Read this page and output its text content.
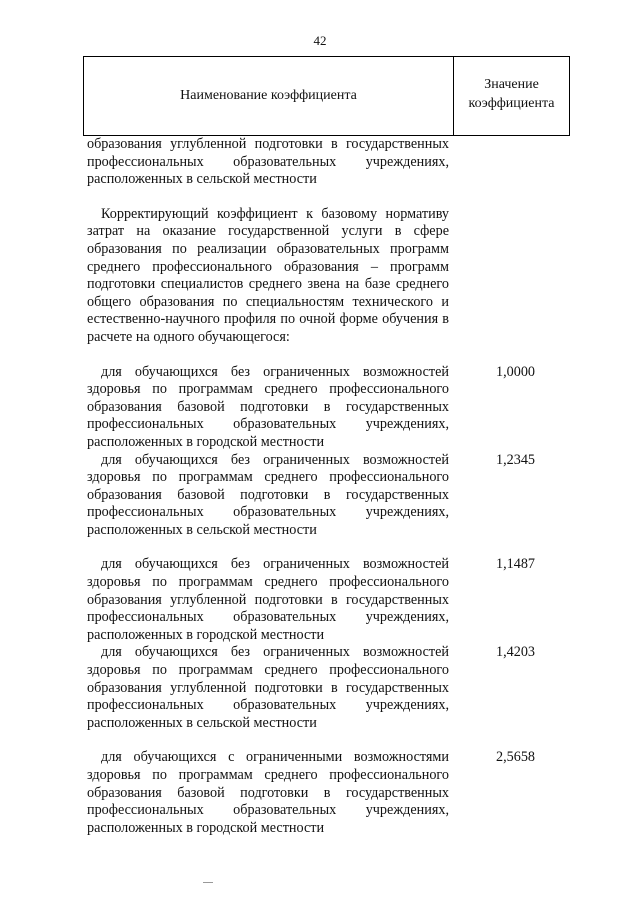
42
Наименование коэффициента
Значение
коэффициента
образования углубленной подготовки в государственных профессиональных образовательных учреждениях, расположенных в сельской местности
Корректирующий коэффициент к базовому нормативу затрат на оказание государственной услуги в сфере образования по реализации образовательных программ среднего профессионального образования – программ подготовки специалистов среднего звена на базе среднего общего образования по специальностям технического и естественно-научного профиля по очной форме обучения в расчете на одного обучающегося:
для обучающихся без ограниченных возможностей здоровья по программам среднего профессионального образования базовой подготовки в государственных профессиональных образовательных учреждениях, расположенных в городской местности
1,0000
для обучающихся без ограниченных возможностей здоровья по программам среднего профессионального образования базовой подготовки в государственных профессиональных образовательных учреждениях, расположенных в сельской местности
1,2345
для обучающихся без ограниченных возможностей здоровья по программам среднего профессионального образования углубленной подготовки в государственных профессиональных образовательных учреждениях, расположенных в городской местности
1,1487
для обучающихся без ограниченных возможностей здоровья по программам среднего профессионального образования углубленной подготовки в государственных профессиональных образовательных учреждениях, расположенных в сельской местности
1,4203
для обучающихся с ограниченными возможностями здоровья по программам среднего профессионального образования базовой подготовки в государственных профессиональных образовательных учреждениях, расположенных в городской местности
2,5658
